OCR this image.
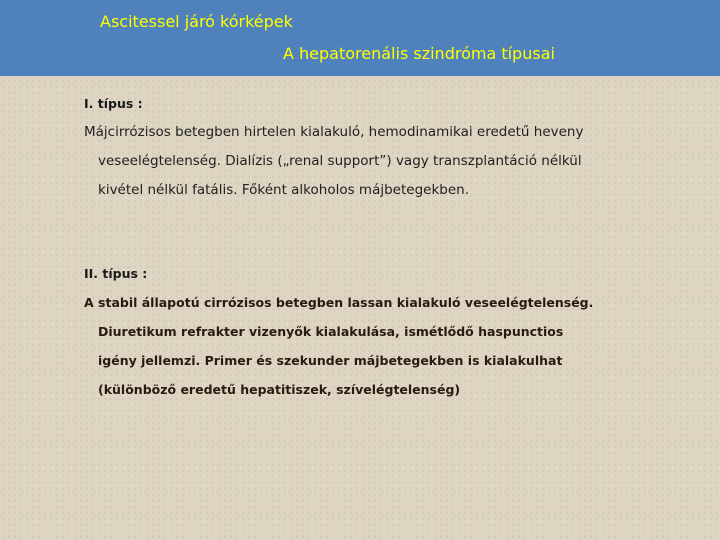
Ascitessel járó kórképek
A hepatorenális szindróma típusai

I. típus :

Májcirrózisos betegben hirtelen kialakuló, hemodinamikai eredetű heveny

veseelégtelenség. Dialízis („renal support”) vagy transzplantáció nélkül

kivétel nélkül fatális. Főként alkoholos májbetegekben.

II. típus :

A stabil állapotú cirrózisos betegben lassan kialakuló veseelégtelenség.

Diuretikum refrakter vizenyők kialakulása, ismétlődő haspunctios

igény jellemzi. Primer és szekunder májbetegekben is kialakulhat

(különböző eredetű hepatitiszek, szívelégtelenség)
